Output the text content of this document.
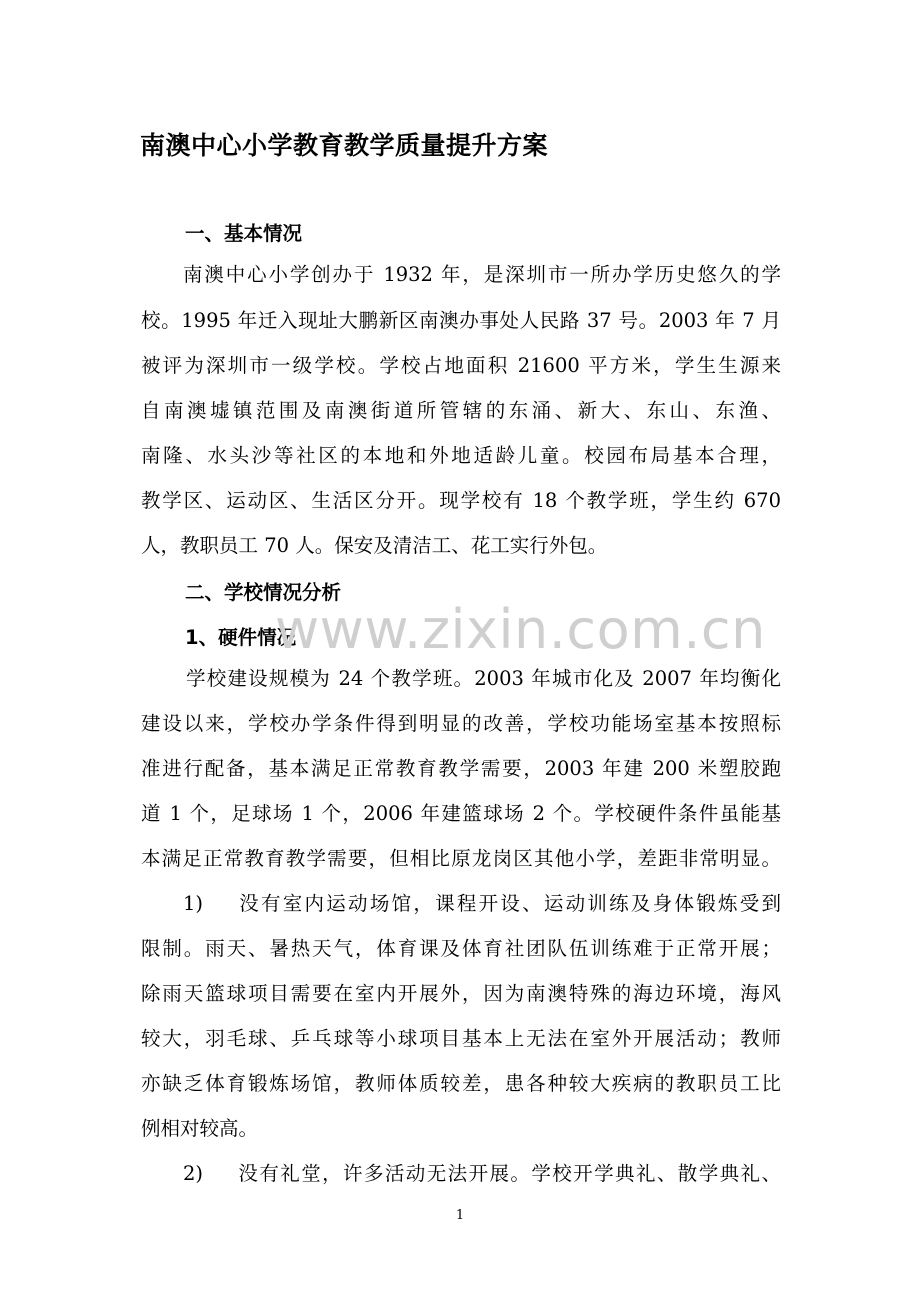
南澳中心小学教育教学质量提升方案
一、基本情况
南澳中心小学创办于 1932 年，是深圳市一所办学历史悠久的学
校。1995 年迁入现址大鹏新区南澳办事处人民路 37 号。2003 年 7 月
被评为深圳市一级学校。学校占地面积 21600 平方米，学生生源来
自南澳墟镇范围及南澳街道所管辖的东涌、新大、东山、东渔、
南隆、水头沙等社区的本地和外地适龄儿童。校园布局基本合理，
教学区、运动区、生活区分开。现学校有 18 个教学班，学生约 670
人，教职员工 70 人。保安及清洁工、花工实行外包。
二、学校情况分析
1、硬件情况
学校建设规模为 24 个教学班。2003 年城市化及 2007 年均衡化
建设以来，学校办学条件得到明显的改善，学校功能场室基本按照标
准进行配备，基本满足正常教育教学需要，2003 年建 200 米塑胶跑
道 1 个，足球场 1 个，2006 年建篮球场 2 个。学校硬件条件虽能基
本满足正常教育教学需要，但相比原龙岗区其他小学，差距非常明显。
1) 没有室内运动场馆，课程开设、运动训练及身体锻炼受到
限制。雨天、暑热天气，体育课及体育社团队伍训练难于正常开展；
除雨天篮球项目需要在室内开展外，因为南澳特殊的海边环境，海风
较大，羽毛球、乒乓球等小球项目基本上无法在室外开展活动；教师
亦缺乏体育锻炼场馆，教师体质较差，患各种较大疾病的教职员工比
例相对较高。
2) 没有礼堂，许多活动无法开展。学校开学典礼、散学典礼、
www.zixin.com.cn
1
